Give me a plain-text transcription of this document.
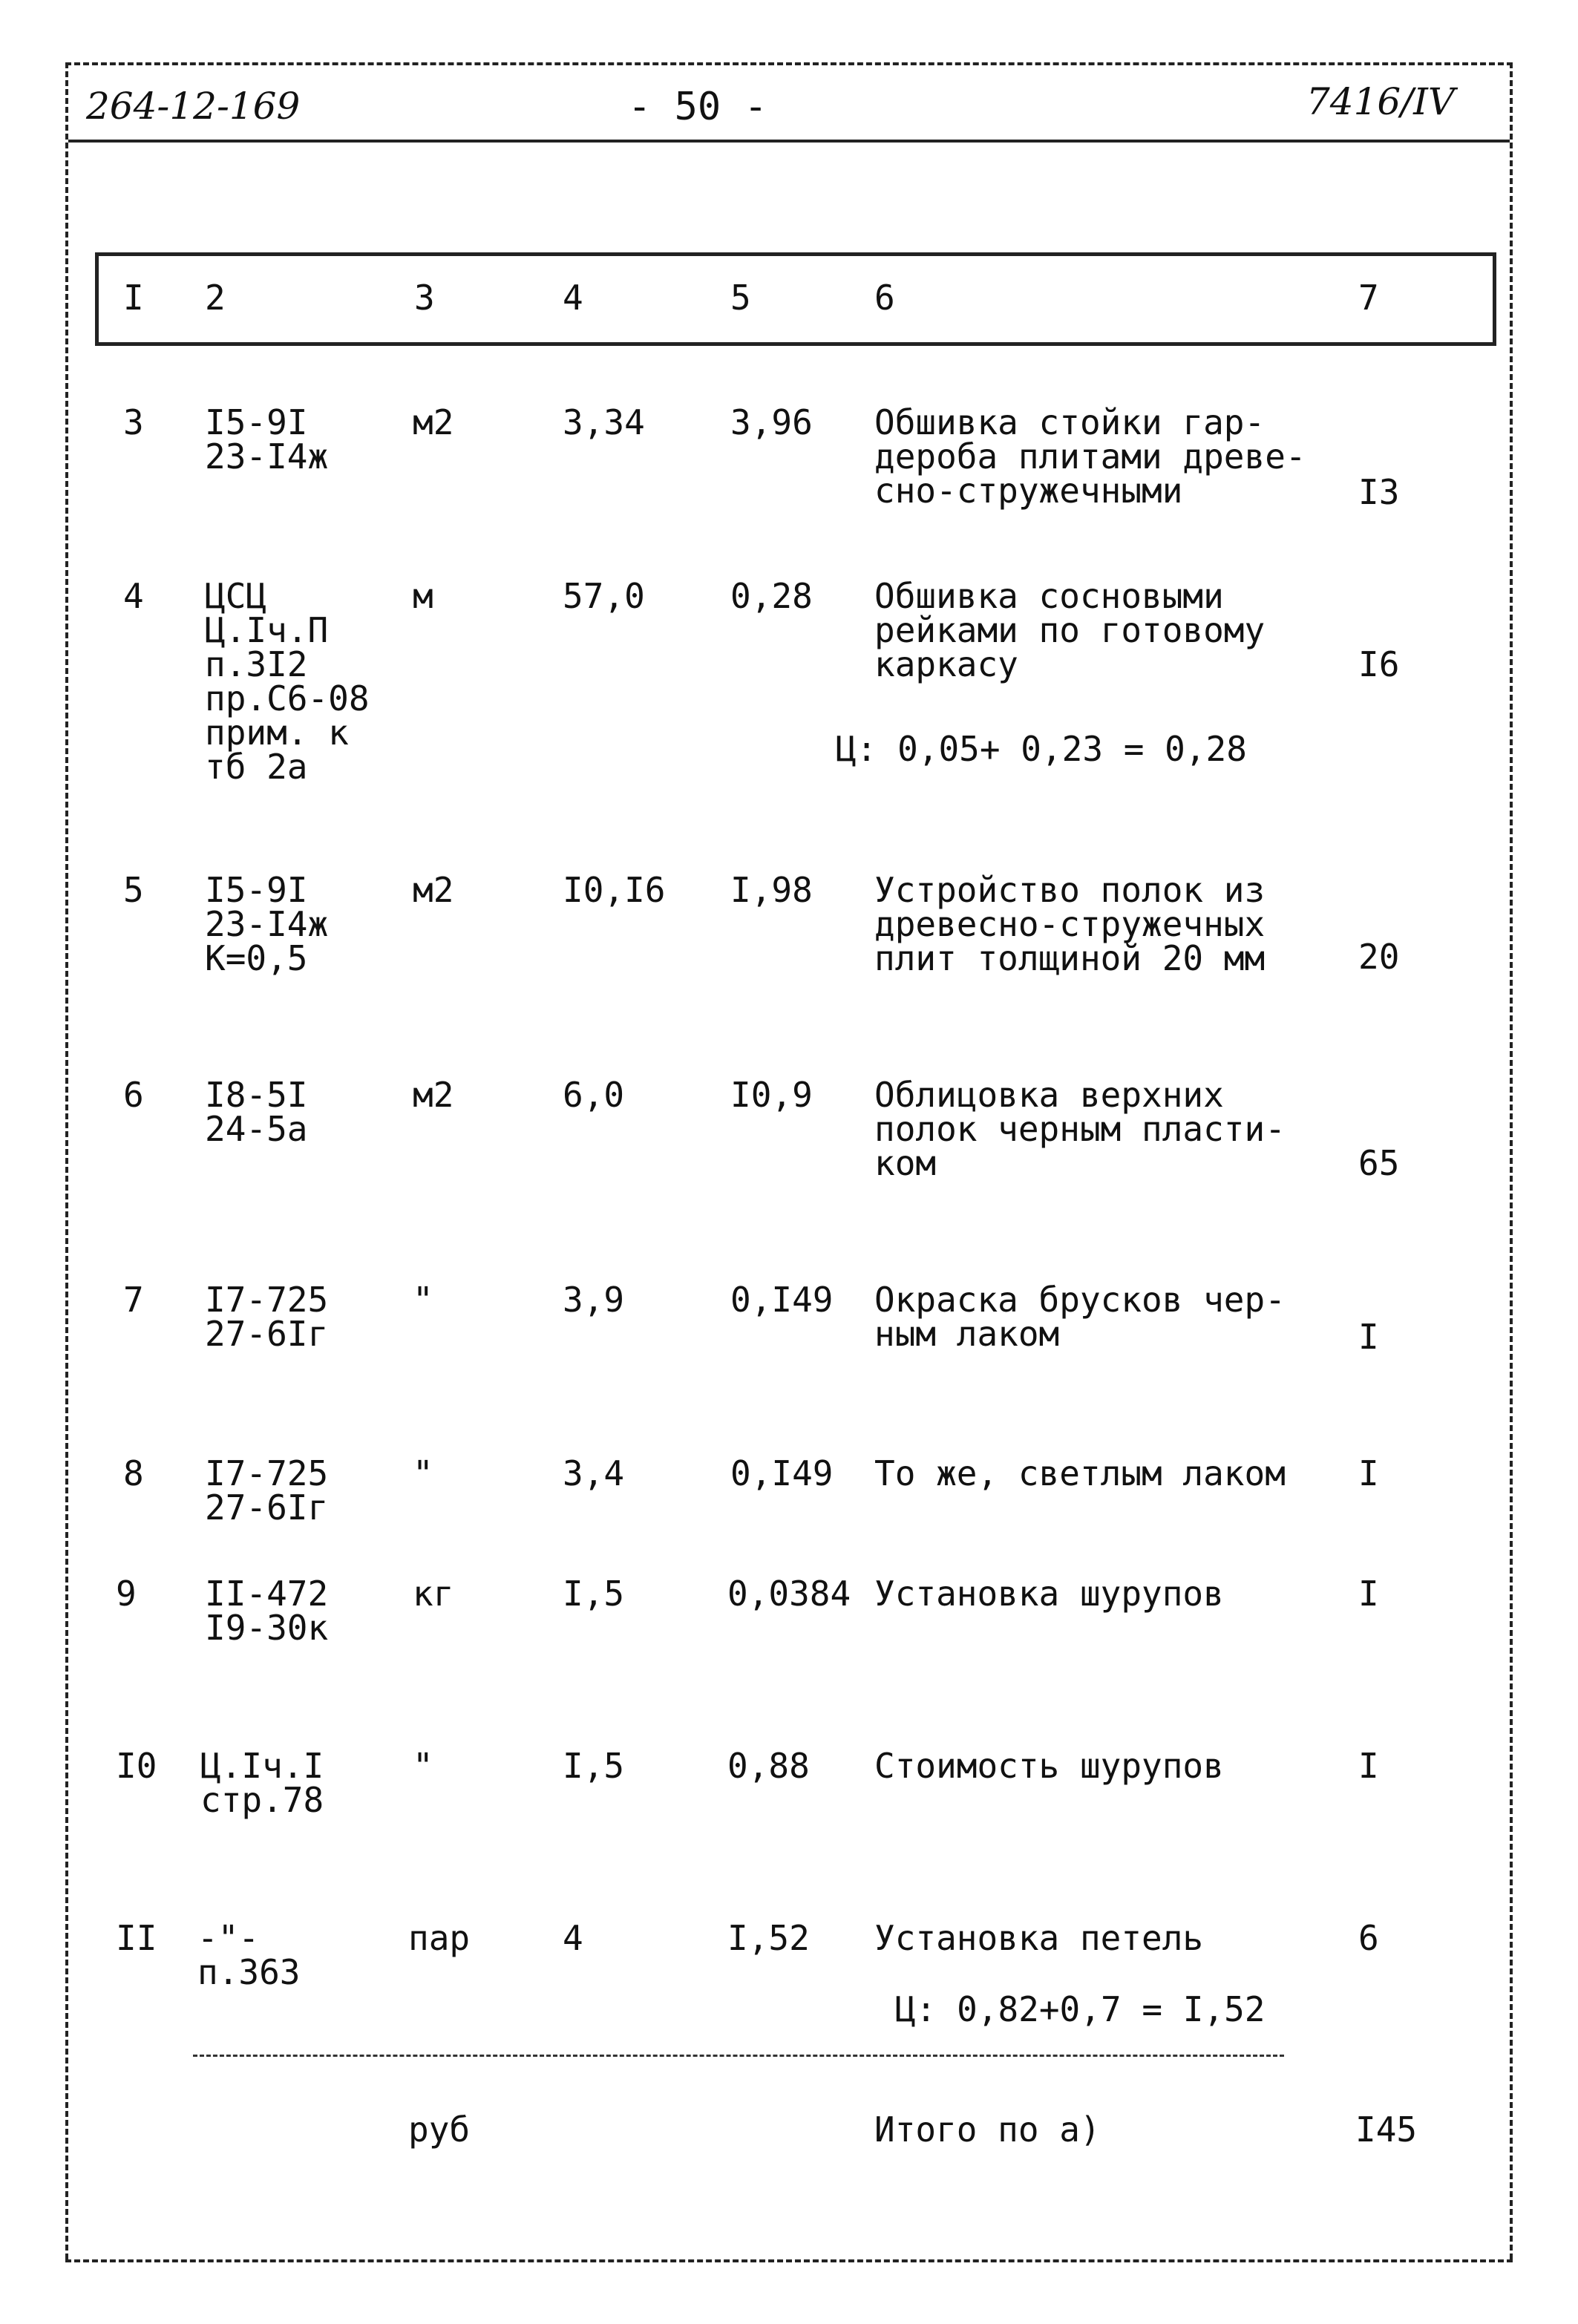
264-12-169	- 50 -	7416/IV
I 2	3	4	5	6	7
3 I5-9I
23-I4ж
м2	3,34	3,96 Обшивка стойки гар-
дероба плитами древе-
сно-стружечными	I3
4 ЦСЦ
Ц.Iч.П
п.3I2
пр.С6-08
прим. к
тб 2а
м	57,0	0,28 Обшивка сосновыми
рейками по готовому
каркасу	I6
Ц: 0,05+ 0,23 = 0,28
5 I5-9I
23-I4ж
К=0,5
м2	I0,I6 I,98 Устройство полок из
древесно-стружечных
плит толщиной 20 мм	20
6 I8-5I
24-5а
м2	6,0	I0,9 Облицовка верхних
полок черным пласти-
ком	65
7 I7-725
27-6Iг
"	3,9	0,I49 Окраска брусков чер-
ным лаком	I
8 I7-725
27-6Iг
"	3,4	0,I49 То же, светлым лаком I
9 II-472
I9-30к
кг	I,5	0,0384 Установка шурупов	I
I0 Ц.Iч.I
стр.78
"	I,5	0,88 Стоимость шурупов	I
II -"-
п.363
пар	4	I,52 Установка петель	6
Ц: 0,82+0,7 = I,52
руб	Итого по а)	I45
